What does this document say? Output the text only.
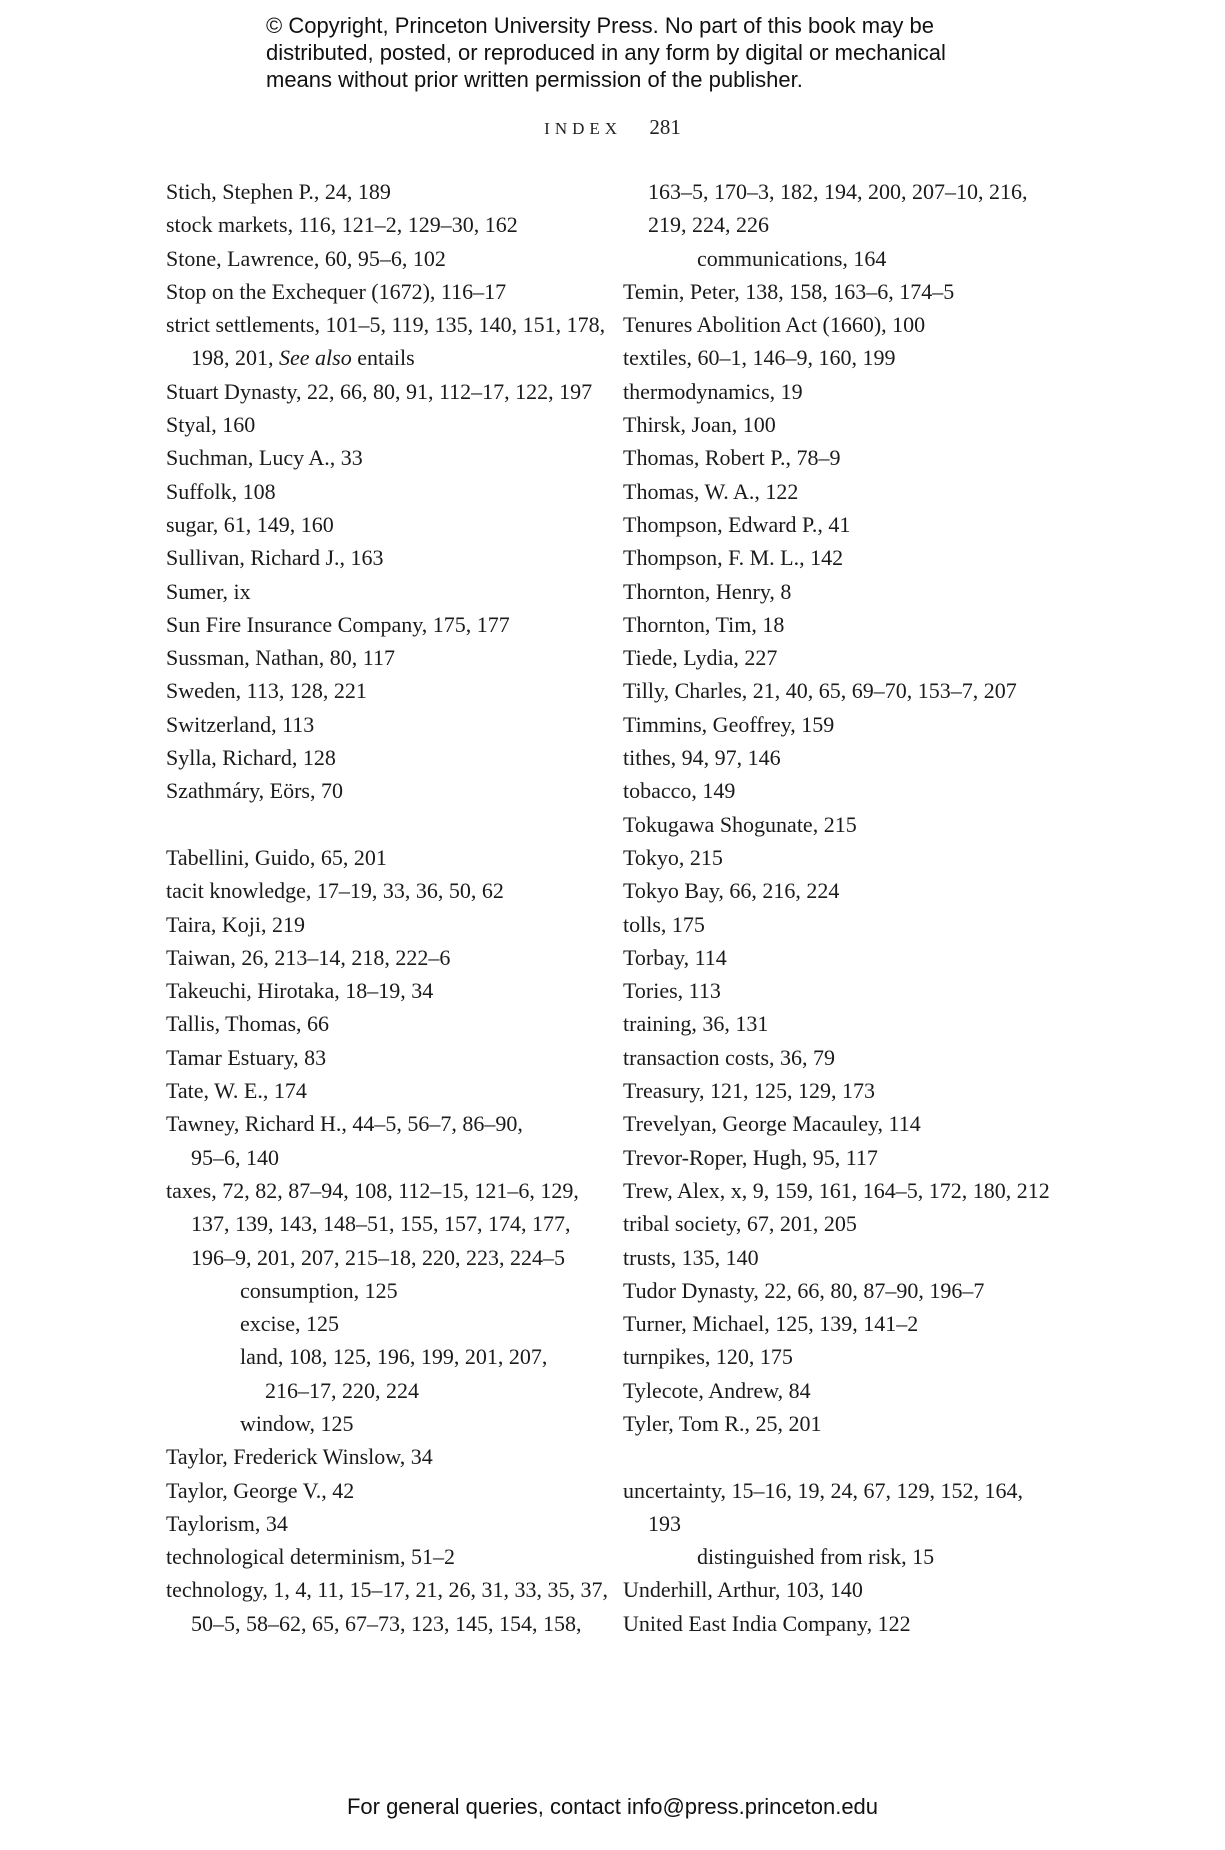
© Copyright, Princeton University Press. No part of this book may be
distributed, posted, or reproduced in any form by digital or mechanical
means without prior written permission of the publisher.
INDEX 281
Stich, Stephen P., 24, 189
stock markets, 116, 121–2, 129–30, 162
Stone, Lawrence, 60, 95–6, 102
Stop on the Exchequer (1672), 116–17
strict settlements, 101–5, 119, 135, 140, 151, 178,
198, 201, See also entails
Stuart Dynasty, 22, 66, 80, 91, 112–17, 122, 197
Styal, 160
Suchman, Lucy A., 33
Suffolk, 108
sugar, 61, 149, 160
Sullivan, Richard J., 163
Sumer, ix
Sun Fire Insurance Company, 175, 177
Sussman, Nathan, 80, 117
Sweden, 113, 128, 221
Switzerland, 113
Sylla, Richard, 128
Szathmáry, Eörs, 70
Tabellini, Guido, 65, 201
tacit knowledge, 17–19, 33, 36, 50, 62
Taira, Koji, 219
Taiwan, 26, 213–14, 218, 222–6
Takeuchi, Hirotaka, 18–19, 34
Tallis, Thomas, 66
Tamar Estuary, 83
Tate, W. E., 174
Tawney, Richard H., 44–5, 56–7, 86–90,
95–6, 140
taxes, 72, 82, 87–94, 108, 112–15, 121–6, 129,
137, 139, 143, 148–51, 155, 157, 174, 177,
196–9, 201, 207, 215–18, 220, 223, 224–5
consumption, 125
excise, 125
land, 108, 125, 196, 199, 201, 207,
216–17, 220, 224
window, 125
Taylor, Frederick Winslow, 34
Taylor, George V., 42
Taylorism, 34
technological determinism, 51–2
technology, 1, 4, 11, 15–17, 21, 26, 31, 33, 35, 37,
50–5, 58–62, 65, 67–73, 123, 145, 154, 158,
163–5, 170–3, 182, 194, 200, 207–10, 216,
219, 224, 226
communications, 164
Temin, Peter, 138, 158, 163–6, 174–5
Tenures Abolition Act (1660), 100
textiles, 60–1, 146–9, 160, 199
thermodynamics, 19
Thirsk, Joan, 100
Thomas, Robert P., 78–9
Thomas, W. A., 122
Thompson, Edward P., 41
Thompson, F. M. L., 142
Thornton, Henry, 8
Thornton, Tim, 18
Tiede, Lydia, 227
Tilly, Charles, 21, 40, 65, 69–70, 153–7, 207
Timmins, Geoffrey, 159
tithes, 94, 97, 146
tobacco, 149
Tokugawa Shogunate, 215
Tokyo, 215
Tokyo Bay, 66, 216, 224
tolls, 175
Torbay, 114
Tories, 113
training, 36, 131
transaction costs, 36, 79
Treasury, 121, 125, 129, 173
Trevelyan, George Macauley, 114
Trevor-Roper, Hugh, 95, 117
Trew, Alex, x, 9, 159, 161, 164–5, 172, 180, 212
tribal society, 67, 201, 205
trusts, 135, 140
Tudor Dynasty, 22, 66, 80, 87–90, 196–7
Turner, Michael, 125, 139, 141–2
turnpikes, 120, 175
Tylecote, Andrew, 84
Tyler, Tom R., 25, 201
uncertainty, 15–16, 19, 24, 67, 129, 152, 164,
193
distinguished from risk, 15
Underhill, Arthur, 103, 140
United East India Company, 122
For general queries, contact info@press.princeton.edu
